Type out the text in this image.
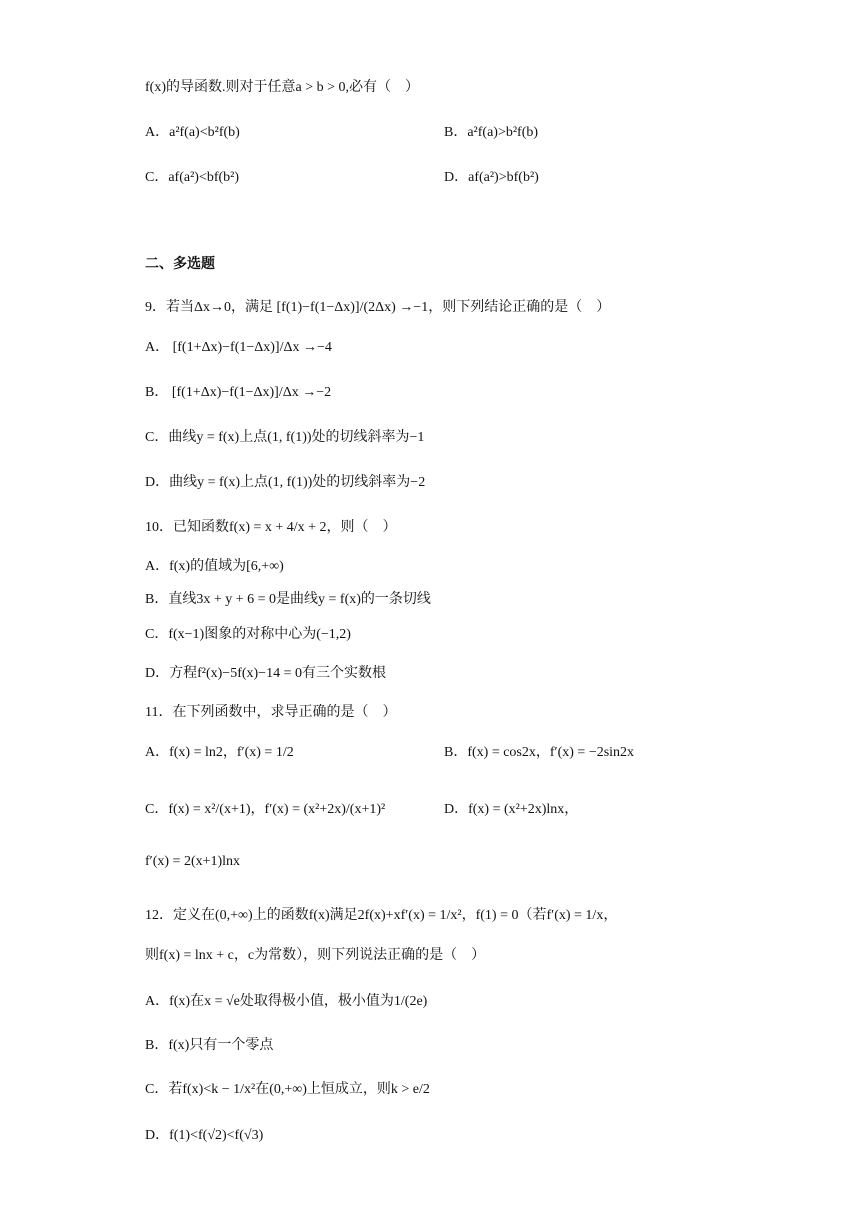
f(x)的导函数.则对于任意a > b > 0,必有（　）
A．a²f(a)<b²f(b)	B．a²f(a)>b²f(b)
C．af(a²)<bf(b²)	D．af(a²)>bf(b²)
二、多选题
9．若当Δx→0，满足 [f(1)−f(1−Δx)]/(2Δx) →−1，则下列结论正确的是（　）
A． [f(1+Δx)−f(1−Δx)]/Δx →−4
B． [f(1+Δx)−f(1−Δx)]/Δx →−2
C．曲线y = f(x)上点(1, f(1))处的切线斜率为−1
D．曲线y = f(x)上点(1, f(1))处的切线斜率为−2
10．已知函数f(x) = x + 4/x + 2，则（　）
A．f(x)的值域为[6,+∞)
B．直线3x + y + 6 = 0是曲线y = f(x)的一条切线
C．f(x−1)图象的对称中心为(−1,2)
D．方程f²(x)−5f(x)−14 = 0有三个实数根
11．在下列函数中，求导正确的是（　）
A．f(x) = ln2，f′(x) = 1/2	B．f(x) = cos2x，f′(x) = −2sin2x
C．f(x) = x²/(x+1)，f′(x) = (x²+2x)/(x+1)²	D．f(x) = (x²+2x)lnx，
f′(x) = 2(x+1)lnx
12．定义在(0,+∞)上的函数f(x)满足2f(x)+xf′(x) = 1/x²，f(1) = 0（若f′(x) = 1/x，
则f(x) = lnx + c，c为常数），则下列说法正确的是（　）
A．f(x)在x = √e处取得极小值，极小值为1/(2e)
B．f(x)只有一个零点
C．若f(x)<k − 1/x²在(0,+∞)上恒成立，则k > e/2
D．f(1)<f(√2)<f(√3)
